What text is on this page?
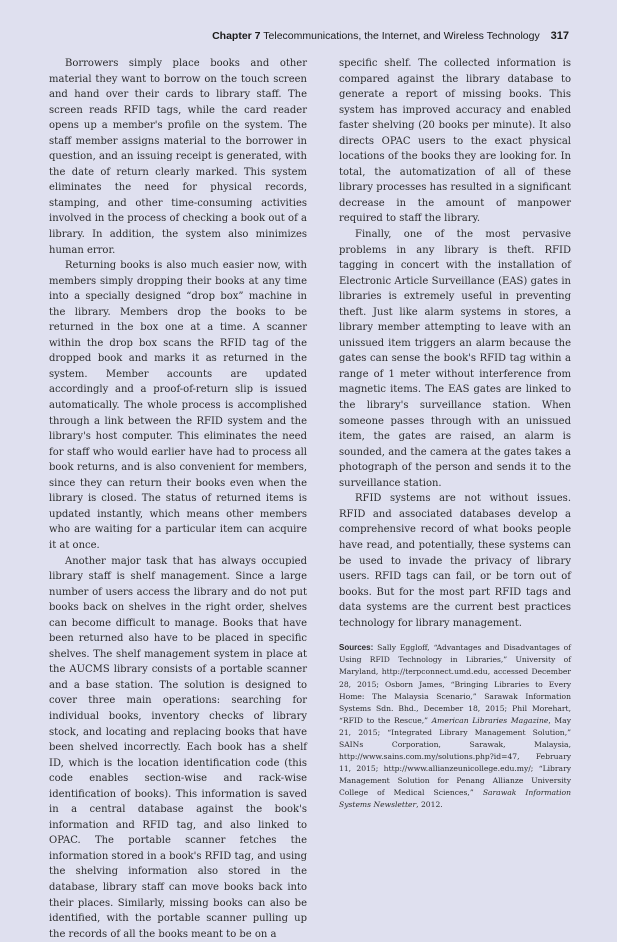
Chapter 7 Telecommunications, the Internet, and Wireless Technology 317

Borrowers simply place books and other material they want to borrow on the touch screen and hand over their cards to library staff. The screen reads RFID tags, while the card reader opens up a member's profile on the system. The staff member assigns material to the borrower in question, and an issuing receipt is generated, with the date of return clearly marked. This system eliminates the need for physical records, stamping, and other time-consuming activities involved in the process of checking a book out of a library. In addition, the system also minimizes human error.

Returning books is also much easier now, with members simply dropping their books at any time into a specially designed “drop box” machine in the library. Members drop the books to be returned in the box one at a time. A scanner within the drop box scans the RFID tag of the dropped book and marks it as returned in the system. Member accounts are updated accordingly and a proof-of-return slip is issued automatically. The whole process is accomplished through a link between the RFID system and the library's host computer. This eliminates the need for staff who would earlier have had to process all book returns, and is also convenient for members, since they can return their books even when the library is closed. The status of returned items is updated instantly, which means other members who are waiting for a particular item can acquire it at once.

Another major task that has always occupied library staff is shelf management. Since a large number of users access the library and do not put books back on shelves in the right order, shelves can become difficult to manage. Books that have been returned also have to be placed in specific shelves. The shelf management system in place at the AUCMS library consists of a portable scanner and a base station. The solution is designed to cover three main operations: searching for individual books, inventory checks of library stock, and locating and replacing books that have been shelved incorrectly. Each book has a shelf ID, which is the location identification code (this code enables section-wise and rack-wise identification of books). This information is saved in a central database against the book's information and RFID tag, and also linked to OPAC. The portable scanner fetches the information stored in a book's RFID tag, and using the shelving information also stored in the database, library staff can move books back into their places. Similarly, missing books can also be identified, with the portable scanner pulling up the records of all the books meant to be on a

specific shelf. The collected information is compared against the library database to generate a report of missing books. This system has improved accuracy and enabled faster shelving (20 books per minute). It also directs OPAC users to the exact physical locations of the books they are looking for. In total, the automatization of all of these library processes has resulted in a significant decrease in the amount of manpower required to staff the library.

Finally, one of the most pervasive problems in any library is theft. RFID tagging in concert with the installation of Electronic Article Surveillance (EAS) gates in libraries is extremely useful in preventing theft. Just like alarm systems in stores, a library member attempting to leave with an unissued item triggers an alarm because the gates can sense the book's RFID tag within a range of 1 meter without interference from magnetic items. The EAS gates are linked to the library's surveillance station. When someone passes through with an unissued item, the gates are raised, an alarm is sounded, and the camera at the gates takes a photograph of the person and sends it to the surveillance station.

RFID systems are not without issues. RFID and associated databases develop a comprehensive record of what books people have read, and potentially, these systems can be used to invade the privacy of library users. RFID tags can fail, or be torn out of books. But for the most part RFID tags and data systems are the current best practices technology for library management.

Sources: Sally Eggloff, “Advantages and Disadvantages of Using RFID Technology in Libraries,” University of Maryland, http://terpconnect.umd.edu, accessed December 28, 2015; Osborn James, “Bringing Libraries to Every Home: The Malaysia Scenario,” Sarawak Information Systems Sdn. Bhd., December 18, 2015; Phil Morehart, “RFID to the Rescue,” American Libraries Magazine, May 21, 2015; “Integrated Library Management Solution,” SAINs Corporation, Sarawak, Malaysia, http://www.sains.com.my/solutions.php?id=47, February 11, 2015; http://www.allianzeunicollege.edu.my/; “Library Management Solution for Penang Allianze University College of Medical Sciences,” Sarawak Information Systems Newsletter, 2012.
